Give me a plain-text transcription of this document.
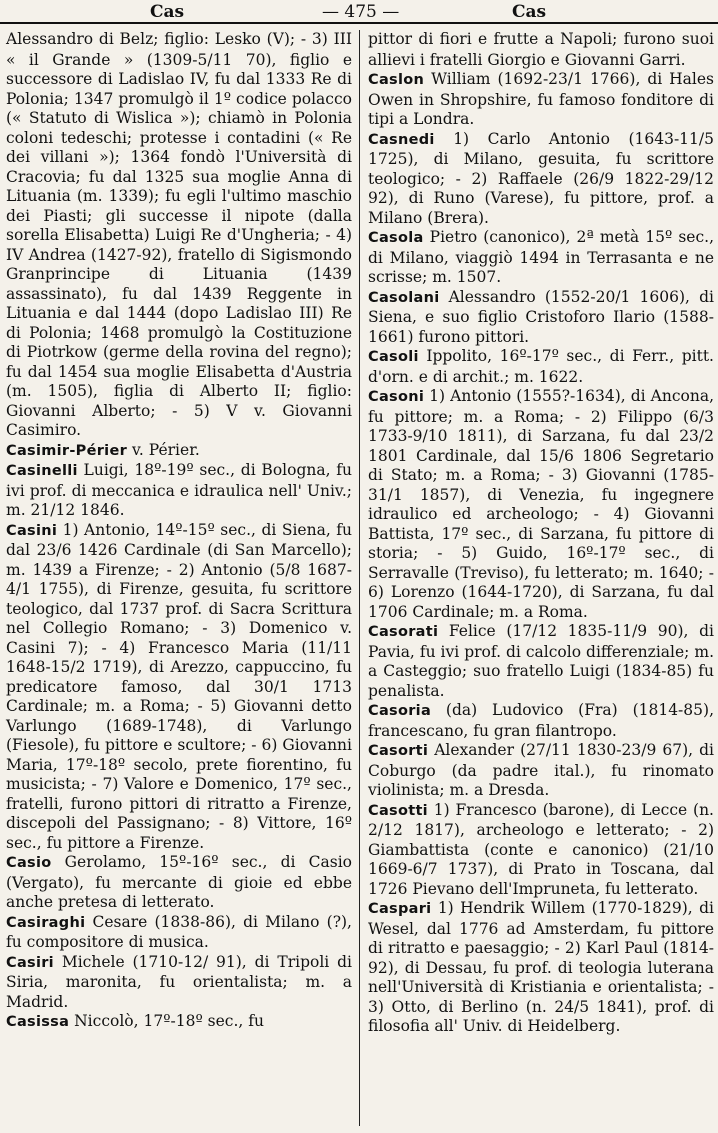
Cas	— 475 —	Cas

Alessandro di Belz; figlio: Lesko (V); - 3) III « il Grande » (1309-5/11 70), figlio e successore di Ladislao IV, fu dal 1333 Re di Polonia; 1347 promulgò il 1º codice polacco (« Statuto di Wislica »); chiamò in Polonia coloni tedeschi; protesse i contadini (« Re dei villani »); 1364 fondò l'Università di Cracovia; fu dal 1325 sua moglie Anna di Lituania (m. 1339); fu egli l'ultimo maschio dei Piasti; gli successe il nipote (dalla sorella Elisabetta) Luigi Re d'Ungheria; - 4) IV Andrea (1427-92), fratello di Sigismondo Granprincipe di Lituania (1439 assassinato), fu dal 1439 Reggente in Lituania e dal 1444 (dopo Ladislao III) Re di Polonia; 1468 promulgò la Costituzione di Piotrkow (germe della rovina del regno); fu dal 1454 sua moglie Elisabetta d'Austria (m. 1505), figlia di Alberto II; figlio: Giovanni Alberto; - 5) V v. Giovanni Casimiro.

Casimir-Périer v. Périer.

Casinelli Luigi, 18º-19º sec., di Bologna, fu ivi prof. di meccanica e idraulica nell' Univ.; m. 21/12 1846.

Casini 1) Antonio, 14º-15º sec., di Siena, fu dal 23/6 1426 Cardinale (di San Marcello); m. 1439 a Firenze; - 2) Antonio (5/8 1687-4/1 1755), di Firenze, gesuita, fu scrittore teologico, dal 1737 prof. di Sacra Scrittura nel Collegio Romano; - 3) Domenico v. Casini 7); - 4) Francesco Maria (11/11 1648-15/2 1719), di Arezzo, cappuccino, fu predicatore famoso, dal 30/1 1713 Cardinale; m. a Roma; - 5) Giovanni detto Varlungo (1689-1748), di Varlungo (Fiesole), fu pittore e scultore; - 6) Giovanni Maria, 17º-18º secolo, prete fiorentino, fu musicista; - 7) Valore e Domenico, 17º sec., fratelli, furono pittori di ritratto a Firenze, discepoli del Passignano; - 8) Vittore, 16º sec., fu pittore a Firenze.

Casio Gerolamo, 15º-16º sec., di Casio (Vergato), fu mercante di gioie ed ebbe anche pretesa di letterato.

Casiraghi Cesare (1838-86), di Milano (?), fu compositore di musica.

Casiri Michele (1710-12/ 91), di Tripoli di Siria, maronita, fu orientalista; m. a Madrid.

Casissa Niccolò, 17º-18º sec., fu

pittor di fiori e frutte a Napoli; furono suoi allievi i fratelli Giorgio e Giovanni Garri.

Caslon William (1692-23/1 1766), di Hales Owen in Shropshire, fu famoso fonditore di tipi a Londra.

Casnedi 1) Carlo Antonio (1643-11/5 1725), di Milano, gesuita, fu scrittore teologico; - 2) Raffaele (26/9 1822-29/12 92), di Runo (Varese), fu pittore, prof. a Milano (Brera).

Casola Pietro (canonico), 2ª metà 15º sec., di Milano, viaggiò 1494 in Terrasanta e ne scrisse; m. 1507.

Casolani Alessandro (1552-20/1 1606), di Siena, e suo figlio Cristoforo Ilario (1588-1661) furono pittori.

Casoli Ippolito, 16º-17º sec., di Ferr., pitt. d'orn. e di archit.; m. 1622.

Casoni 1) Antonio (1555?-1634), di Ancona, fu pittore; m. a Roma; - 2) Filippo (6/3 1733-9/10 1811), di Sarzana, fu dal 23/2 1801 Cardinale, dal 15/6 1806 Segretario di Stato; m. a Roma; - 3) Giovanni (1785-31/1 1857), di Venezia, fu ingegnere idraulico ed archeologo; - 4) Giovanni Battista, 17º sec., di Sarzana, fu pittore di storia; - 5) Guido, 16º-17º sec., di Serravalle (Treviso), fu letterato; m. 1640; - 6) Lorenzo (1644-1720), di Sarzana, fu dal 1706 Cardinale; m. a Roma.

Casorati Felice (17/12 1835-11/9 90), di Pavia, fu ivi prof. di calcolo differenziale; m. a Casteggio; suo fratello Luigi (1834-85) fu penalista.

Casoria (da) Ludovico (Fra) (1814-85), francescano, fu gran filantropo.

Casorti Alexander (27/11 1830-23/9 67), di Coburgo (da padre ital.), fu rinomato violinista; m. a Dresda.

Casotti 1) Francesco (barone), di Lecce (n. 2/12 1817), archeologo e letterato; - 2) Giambattista (conte e canonico) (21/10 1669-6/7 1737), di Prato in Toscana, dal 1726 Pievano dell'Impruneta, fu letterato.

Caspari 1) Hendrik Willem (1770-1829), di Wesel, dal 1776 ad Amsterdam, fu pittore di ritratto e paesaggio; - 2) Karl Paul (1814-92), di Dessau, fu prof. di teologia luterana nell'Università di Kristiania e orientalista; - 3) Otto, di Berlino (n. 24/5 1841), prof. di filosofia all' Univ. di Heidelberg.
